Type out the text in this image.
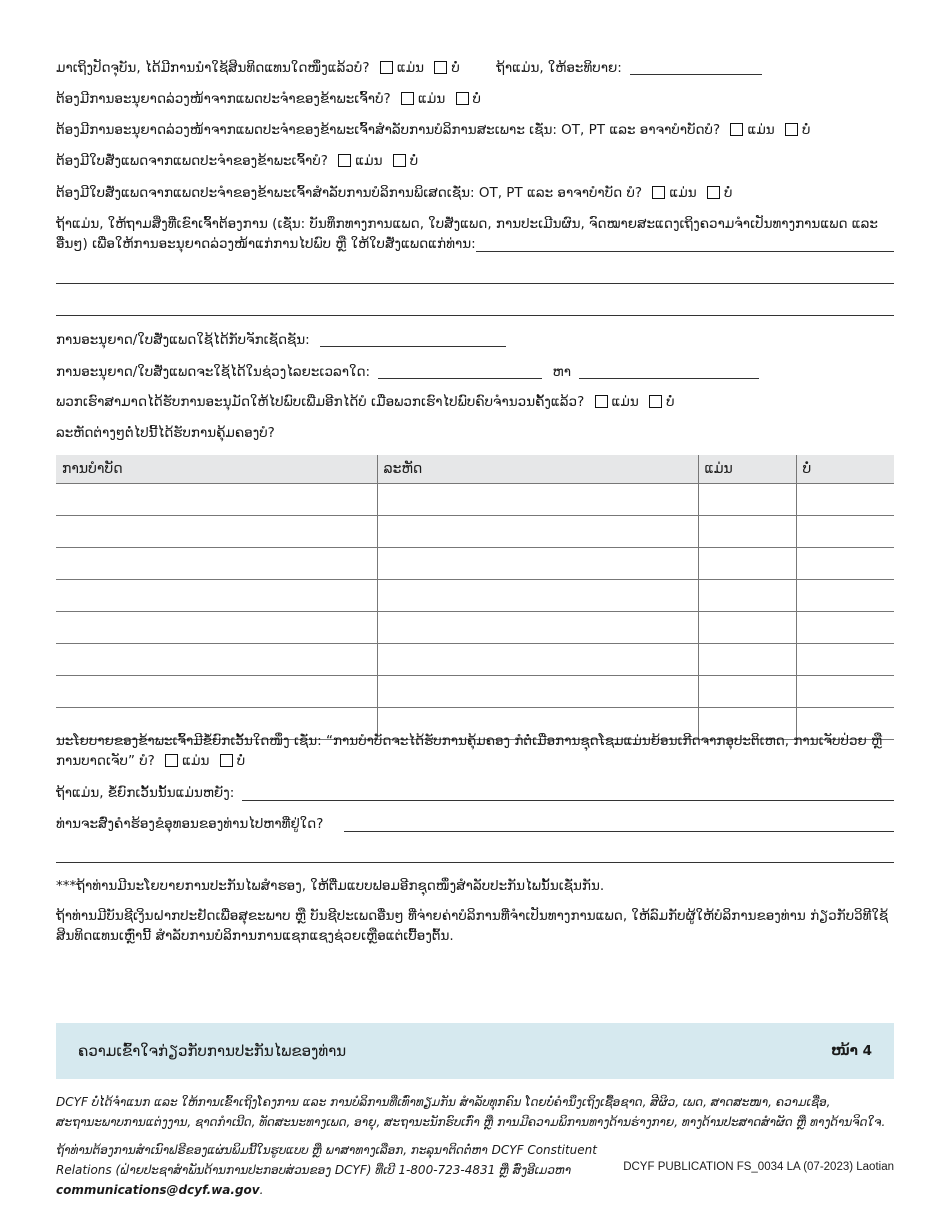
ມາເຖິງປັດຈຸບັນ, ໄດ້ມີການນຳໃຊ້ສິນທິດແທນໃດໜຶ່ງແລ້ວບໍ? ແມ່ນ ບໍ່	ຖ້າແມ່ນ, ໃຫ້ອະທິບາຍ:
ຕ້ອງມີການອະນຸຍາດລ່ວງໜ້າຈາກແພດປະຈຳຂອງຂ້າພະເຈົ້າບໍ? ແມ່ນ ບໍ່
ຕ້ອງມີການອະນຸຍາດລ່ວງໜ້າຈາກແພດປະຈຳຂອງຂ້າພະເຈົ້າສຳລັບການບໍລິການສະເພາະ ເຊັ່ນ: OT, PT ແລະ ອາຈາບຳບັດບໍ? ແມ່ນ ບໍ່
ຕ້ອງມີໃບສັ່ງແພດຈາກແພດປະຈຳຂອງຂ້າພະເຈົ້າບໍ? ແມ່ນ ບໍ່
ຕ້ອງມີໃບສັ່ງແພດຈາກແພດປະຈຳຂອງຂ້າພະເຈົ້າສຳລັບການບໍລິການພິເສດເຊັ່ນ: OT, PT ແລະ ອາຈາບຳບັດ ບໍ? ແມ່ນ ບໍ່
ຖ້າແມ່ນ, ໃຫ້ຖາມສິ່ງທີ່ເຂົາເຈົ້າຕ້ອງການ (ເຊັ່ນ: ບັນທຶກທາງການແພດ, ໃບສັ່ງແພດ, ການປະເມີນຜົນ, ຈົດໝາຍສະແດງເຖິງຄວາມຈຳເປັນທາງການແພດ ແລະ ອື່ນໆ) ເພື່ອໃຫ້ການອະນຸຍາດລ່ວງໜ້າແກ່ການໄປພົບ ຫຼື ໃຫ້ໃບສັ່ງແພດແກ່ທ່ານ:
ການອະນຸຍາດ/ໃບສັ່ງແພດໃຊ້ໄດ້ກັບຈັກເຊັດຊັນ:
ການອະນຸຍາດ/ໃບສັ່ງແພດຈະໃຊ້ໄດ້ໃນຊ່ວງໄລຍະເວລາໃດ:	ຫາ
ພວກເຮົາສາມາດໄດ້ຮັບການອະນຸມັດໃຫ້ໄປພົບເພີ່ມອີກໄດ້ບໍ ເມື່ອພວກເຮົາໄປພົບຄົບຈຳນວນຄັ້ງແລ້ວ? ແມ່ນ ບໍ່
ລະຫັດຕ່າງໆຕໍ່ໄປນີ້ໄດ້ຮັບການຄຸ້ມຄອງບໍ?
ການບຳບັດ	ລະຫັດ	ແມ່ນ	ບໍ່

ນະໂຍບາຍຂອງຂ້າພະເຈົ້າມີຂໍ້ຍົກເວັ້ນໃດໜຶ່ງ ເຊັ່ນ: “ການບຳບັດຈະໄດ້ຮັບການຄຸ້ມຄອງ ກໍຕໍ່ເມື່ອການຊຸດໂຊມແມ່ນຍ້ອນເກີດຈາກອຸປະຕິເຫດ, ການເຈັບປ່ວຍ ຫຼື ການບາດເຈັບ” ບໍ? ແມ່ນ ບໍ່
ຖ້າແມ່ນ, ຂໍ້ຍົກເວັ້ນນັ້ນແມ່ນຫຍັງ:
ທ່ານຈະສົ່ງຄຳຮ້ອງຂໍອຸທອນຂອງທ່ານໄປຫາທີ່ຢູ່ໃດ?
***ຖ້າທ່ານມີນະໂຍບາຍການປະກັນໄພສຳຮອງ, ໃຫ້ຕື່ມແບບຟອມອີກຊຸດໜຶ່ງສຳລັບປະກັນໄພນັ້ນເຊັ່ນກັນ.
ຖ້າທ່ານມີບັນຊີເງິນຝາກປະຢັດເພື່ອສຸຂະພາບ ຫຼື ບັນຊີປະເພດອື່ນໆ ທີ່ຈ່າຍຄ່າບໍລິການທີ່ຈຳເປັນທາງການແພດ, ໃຫ້ລົມກັບຜູ້ໃຫ້ບໍລິການຂອງທ່ານ ກ່ຽວກັບວິທີໃຊ້ສິນທິດແທນເຫຼົ່ານີ້ ສຳລັບການບໍລິການການແຊກແຊງຊ່ວຍເຫຼືອແຕ່ເບື້ອງຕົ້ນ.
ຄວາມເຂົ້າໃຈກ່ຽວກັບການປະກັນໄພຂອງທ່ານ	ໜ້າ 4
DCYF ບໍ່ໄດ້ຈຳແນກ ແລະ ໃຫ້ການເຂົ້າເຖິງໂຄງການ ແລະ ການບໍລິການທີ່ເທົ່າທຽມກັນ ສຳລັບທຸກຄົນ ໂດຍບໍ່ຄຳນຶງເຖິງເຊື້ອຊາດ, ສີຜິວ, ເພດ, ສາດສະໜາ, ຄວາມເຊື່ອ, ສະຖານະພາບການແຕ່ງງານ, ຊາດກຳເນີດ, ທັດສະນະທາງເພດ, ອາຍຸ, ສະຖານະນັກຮົບເກົ່າ ຫຼື ການມີຄວາມພິການທາງດ້ານຮ່າງກາຍ, ທາງດ້ານປະສາດສຳຜັດ ຫຼື ທາງດ້ານຈິດໃຈ.
ຖ້າທ່ານຕ້ອງການສຳເນົາຟຣີຂອງແຜ່ນພິມນີ້ໃນຮູບແບບ ຫຼື ພາສາທາງເລືອກ, ກະລຸນາຕິດຕໍ່ຫາ DCYF Constituent Relations (ຝ່າຍປະຊາສຳພັນດ້ານການປະກອບສ່ວນຂອງ DCYF) ທີ່ເບີ 1-800-723-4831 ຫຼື ສົ່ງອີເມວຫາ communications@dcyf.wa.gov.
DCYF PUBLICATION FS_0034 LA (07-2023) Laotian
